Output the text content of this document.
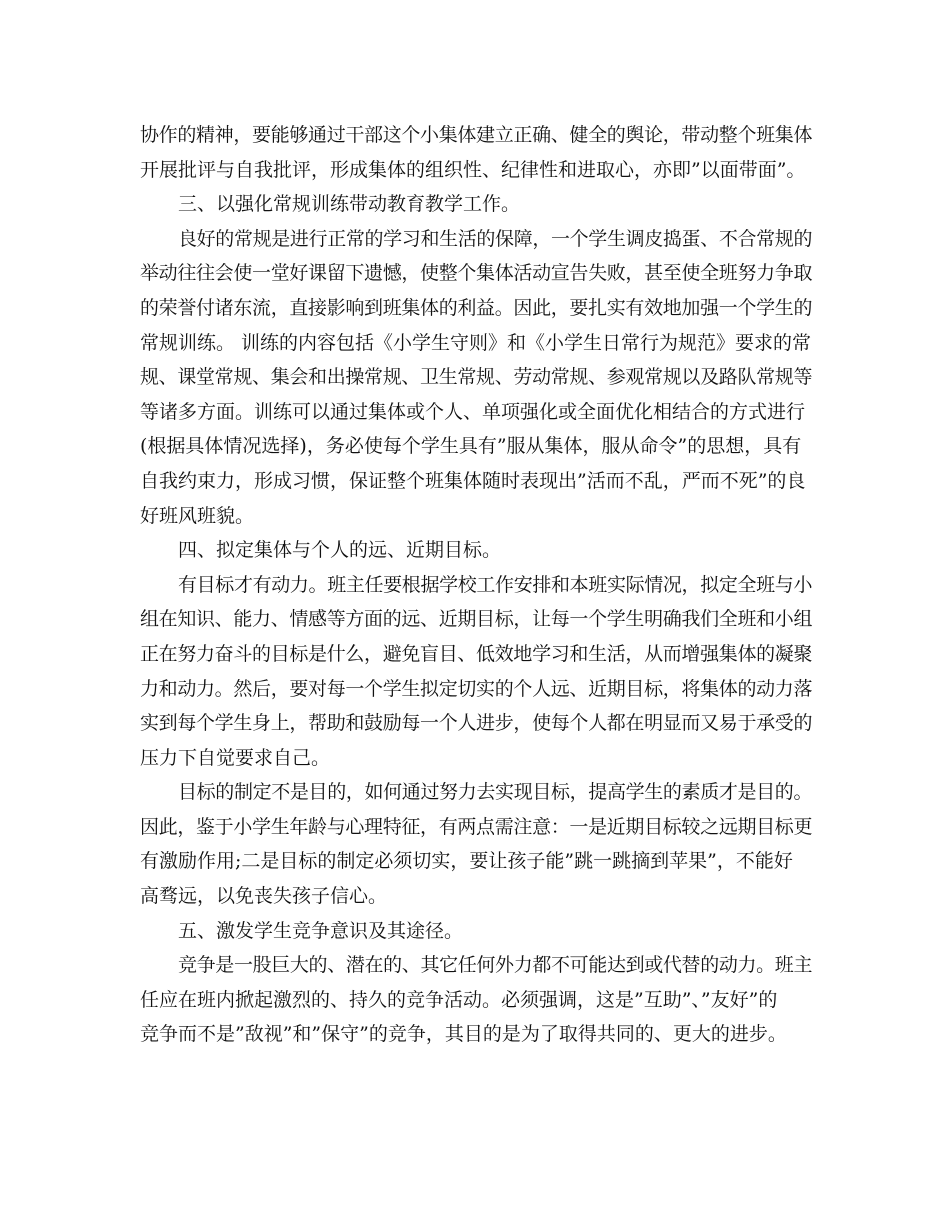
协作的精神，要能够通过干部这个小集体建立正确、健全的舆论，带动整个班集体
开展批评与自我批评，形成集体的组织性、纪律性和进取心，亦即”以面带面”。
三、以强化常规训练带动教育教学工作。
良好的常规是进行正常的学习和生活的保障，一个学生调皮捣蛋、不合常规的
举动往往会使一堂好课留下遗憾，使整个集体活动宣告失败，甚至使全班努力争取
的荣誉付诸东流，直接影响到班集体的利益。因此，要扎实有效地加强一个学生的
常规训练。 训练的内容包括《小学生守则》和《小学生日常行为规范》要求的常
规、课堂常规、集会和出操常规、卫生常规、劳动常规、参观常规以及路队常规等
等诸多方面。训练可以通过集体或个人、单项强化或全面优化相结合的方式进行
(根据具体情况选择)，务必使每个学生具有”服从集体，服从命令”的思想，具有
自我约束力，形成习惯，保证整个班集体随时表现出”活而不乱，严而不死”的良
好班风班貌。
四、拟定集体与个人的远、近期目标。
有目标才有动力。班主任要根据学校工作安排和本班实际情况，拟定全班与小
组在知识、能力、情感等方面的远、近期目标，让每一个学生明确我们全班和小组
正在努力奋斗的目标是什么，避免盲目、低效地学习和生活，从而增强集体的凝聚
力和动力。然后，要对每一个学生拟定切实的个人远、近期目标，将集体的动力落
实到每个学生身上，帮助和鼓励每一个人进步，使每个人都在明显而又易于承受的
压力下自觉要求自己。
目标的制定不是目的，如何通过努力去实现目标，提高学生的素质才是目的。
因此，鉴于小学生年龄与心理特征，有两点需注意：一是近期目标较之远期目标更
有激励作用;二是目标的制定必须切实，要让孩子能”跳一跳摘到苹果”，不能好
高骛远，以免丧失孩子信心。
五、激发学生竞争意识及其途径。
竞争是一股巨大的、潜在的、其它任何外力都不可能达到或代替的动力。班主
任应在班内掀起激烈的、持久的竞争活动。必须强调，这是”互助”、”友好”的
竞争而不是”敌视”和”保守”的竞争，其目的是为了取得共同的、更大的进步。
